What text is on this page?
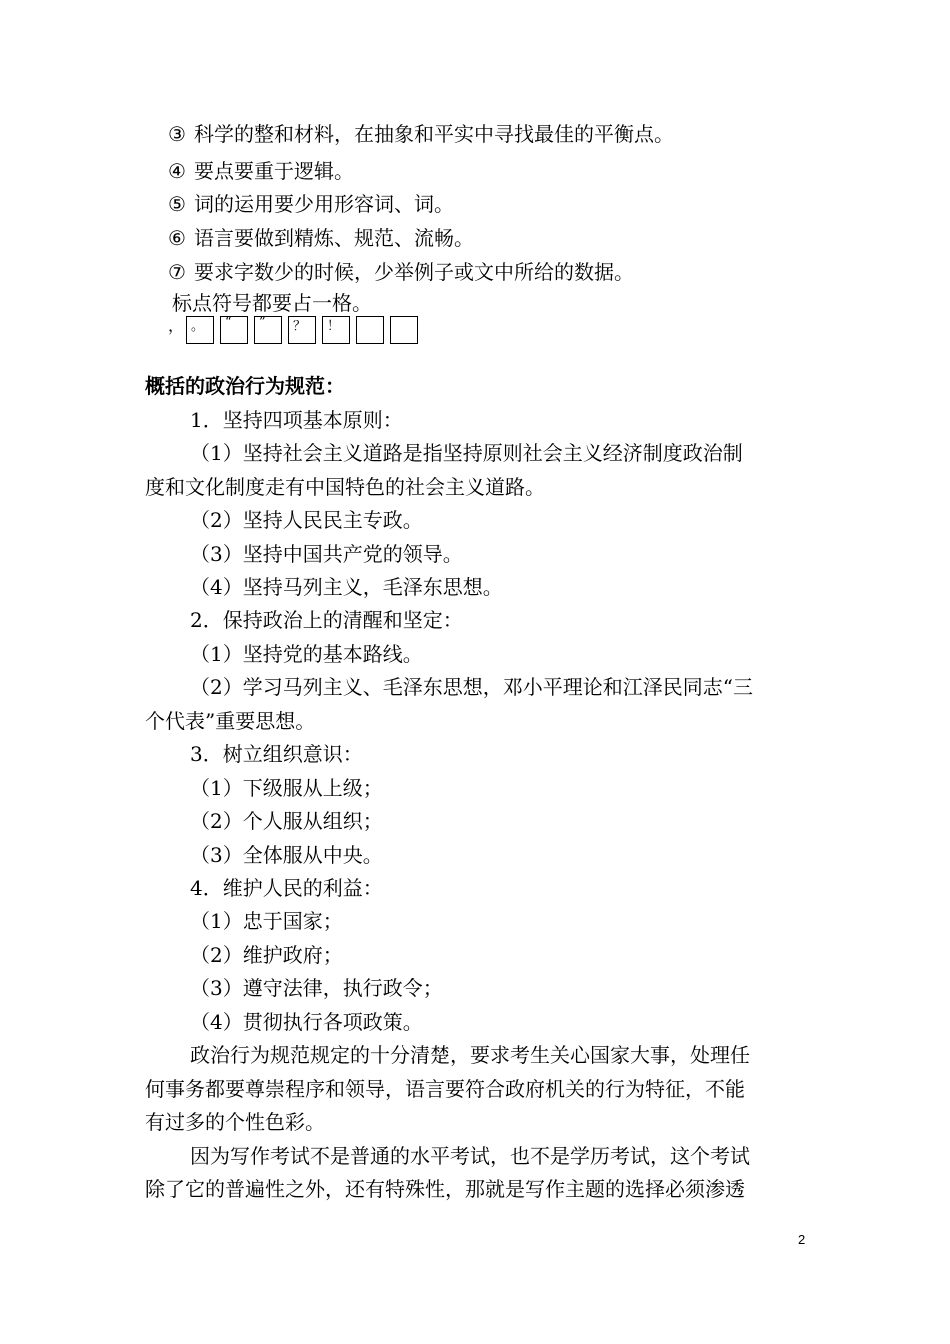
③ 科学的整和材料，在抽象和平实中寻找最佳的平衡点。
④ 要点要重于逻辑。
⑤ 词的运用要少用形容词、词。
⑥ 语言要做到精炼、规范、流畅。
⑦ 要求字数少的时候，少举例子或文中所给的数据。
标点符号都要占一格。
， 。 “ ” ？ ！
概括的政治行为规范：
1．坚持四项基本原则：
（1）坚持社会主义道路是指坚持原则社会主义经济制度政治制
度和文化制度走有中国特色的社会主义道路。
（2）坚持人民民主专政。
（3）坚持中国共产党的领导。
（4）坚持马列主义，毛泽东思想。
2．保持政治上的清醒和坚定：
（1）坚持党的基本路线。
（2）学习马列主义、毛泽东思想，邓小平理论和江泽民同志“三
个代表”重要思想。
3．树立组织意识：
（1）下级服从上级；
（2）个人服从组织；
（3）全体服从中央。
4．维护人民的利益：
（1）忠于国家；
（2）维护政府；
（3）遵守法律，执行政令；
（4）贯彻执行各项政策。
政治行为规范规定的十分清楚，要求考生关心国家大事，处理任
何事务都要尊崇程序和领导，语言要符合政府机关的行为特征，不能
有过多的个性色彩。
因为写作考试不是普通的水平考试，也不是学历考试，这个考试
除了它的普遍性之外，还有特殊性，那就是写作主题的选择必须渗透
2
